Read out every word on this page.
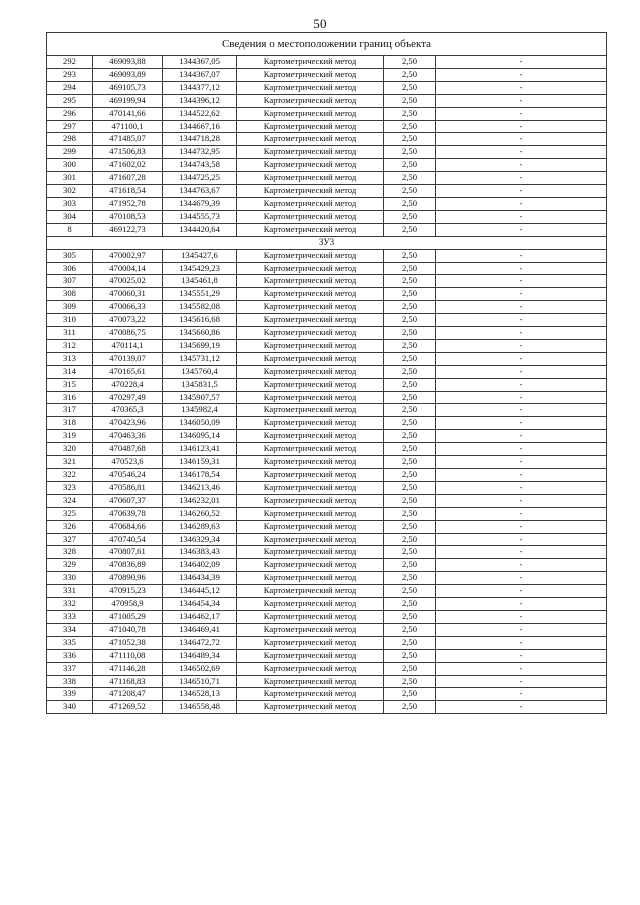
50
Сведения о местоположении границ объекта					
292	469093,88	1344367,05	Картометрический метод	2,50	-
293	469093,89	1344367,07	Картометрический метод	2,50	-
294	469105,73	1344377,12	Картометрический метод	2,50	-
295	469199,94	1344396,12	Картометрический метод	2,50	-
296	470141,66	1344522,62	Картометрический метод	2,50	-
297	471100,1	1344667,16	Картометрический метод	2,50	-
298	471485,07	1344718,28	Картометрический метод	2,50	-
299	471506,83	1344732,95	Картометрический метод	2,50	-
300	471602,02	1344743,58	Картометрический метод	2,50	-
301	471607,28	1344725,25	Картометрический метод	2,50	-
302	471618,54	1344763,67	Картометрический метод	2,50	-
303	471952,78	1344679,39	Картометрический метод	2,50	-
304	470108,53	1344555,73	Картометрический метод	2,50	-
8	469122,73	1344420,64	Картометрический метод	2,50	-
ЗУ3					
305	470002,97	1345427,6	Картометрический метод	2,50	-
306	470004,14	1345429,23	Картометрический метод	2,50	-
307	470025,02	1345461,8	Картометрический метод	2,50	-
308	470060,31	1345551,29	Картометрический метод	2,50	-
309	470066,33	1345582,08	Картометрический метод	2,50	-
310	470073,22	1345616,68	Картометрический метод	2,50	-
311	470086,75	1345660,86	Картометрический метод	2,50	-
312	470114,1	1345699,19	Картометрический метод	2,50	-
313	470139,07	1345731,12	Картометрический метод	2,50	-
314	470165,61	1345760,4	Картометрический метод	2,50	-
315	470228,4	1345831,5	Картометрический метод	2,50	-
316	470297,49	1345907,57	Картометрический метод	2,50	-
317	470365,3	1345982,4	Картометрический метод	2,50	-
318	470423,96	1346050,09	Картометрический метод	2,50	-
319	470463,36	1346095,14	Картометрический метод	2,50	-
320	470487,68	1346123,41	Картометрический метод	2,50	-
321	470523,6	1346159,31	Картометрический метод	2,50	-
322	470546,24	1346178,54	Картометрический метод	2,50	-
323	470586,81	1346213,46	Картометрический метод	2,50	-
324	470607,37	1346232,01	Картометрический метод	2,50	-
325	470639,78	1346260,52	Картометрический метод	2,50	-
326	470684,66	1346289,63	Картометрический метод	2,50	-
327	470740,54	1346329,34	Картометрический метод	2,50	-
328	470807,61	1346383,43	Картометрический метод	2,50	-
329	470836,89	1346402,09	Картометрический метод	2,50	-
330	470890,96	1346434,39	Картометрический метод	2,50	-
331	470915,23	1346445,12	Картометрический метод	2,50	-
332	470958,9	1346454,34	Картометрический метод	2,50	-
333	471005,29	1346462,17	Картометрический метод	2,50	-
334	471040,78	1346469,41	Картометрический метод	2,50	-
335	471052,38	1346472,72	Картометрический метод	2,50	-
336	471110,08	1346489,34	Картометрический метод	2,50	-
337	471146,28	1346502,69	Картометрический метод	2,50	-
338	471168,83	1346510,71	Картометрический метод	2,50	-
339	471208,47	1346528,13	Картометрический метод	2,50	-
340	471269,52	1346558,48	Картометрический метод	2,50	-
